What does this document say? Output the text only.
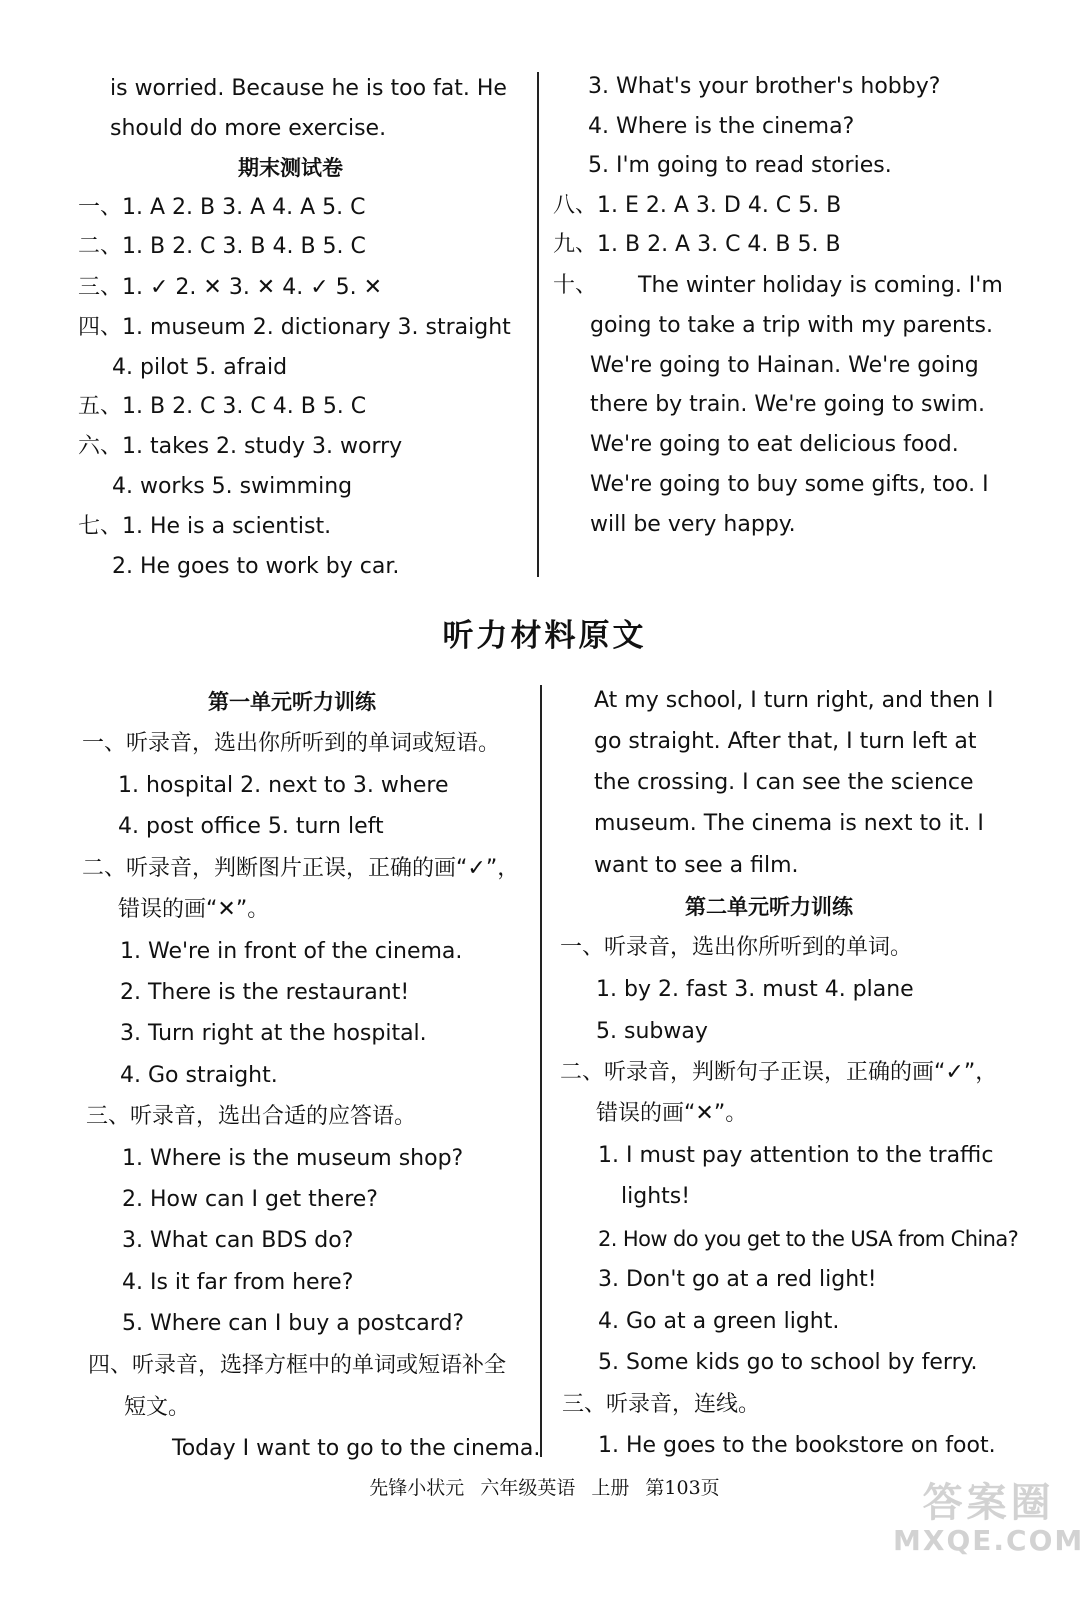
is worried. Because he is too fat. He
should do more exercise.
期末测试卷
一、1. A 2. B 3. A 4. A 5. C
二、1. B 2. C 3. B 4. B 5. C
三、1. ✓ 2. ✕ 3. ✕ 4. ✓ 5. ✕
四、1. museum 2. dictionary 3. straight
4. pilot 5. afraid
五、1. B 2. C 3. C 4. B 5. C
六、1. takes 2. study 3. worry
4. works 5. swimming
七、1. He is a scientist.
2. He goes to work by car.
3. What's your brother's hobby?
4. Where is the cinema?
5. I'm going to read stories.
八、1. E 2. A 3. D 4. C 5. B
九、1. B 2. A 3. C 4. B 5. B
十、 The winter holiday is coming. I'm
going to take a trip with my parents.
We're going to Hainan. We're going
there by train. We're going to swim.
We're going to eat delicious food.
We're going to buy some gifts, too. I
will be very happy.
听力材料原文
第一单元听力训练
一、听录音，选出你所听到的单词或短语。
1. hospital 2. next to 3. where
4. post office 5. turn left
二、听录音，判断图片正误，正确的画“✓”，
错误的画“✕”。
1. We're in front of the cinema.
2. There is the restaurant!
3. Turn right at the hospital.
4. Go straight.
三、听录音，选出合适的应答语。
1. Where is the museum shop?
2. How can I get there?
3. What can BDS do?
4. Is it far from here?
5. Where can I buy a postcard?
四、听录音，选择方框中的单词或短语补全
短文。
Today I want to go to the cinema.
At my school, I turn right, and then I
go straight. After that, I turn left at
the crossing. I can see the science
museum. The cinema is next to it. I
want to see a film.
第二单元听力训练
一、听录音，选出你所听到的单词。
1. by 2. fast 3. must 4. plane
5. subway
二、听录音，判断句子正误，正确的画“✓”，
错误的画“✕”。
1. I must pay attention to the traffic
lights!
2. How do you get to the USA from China?
3. Don't go at a red light!
4. Go at a green light.
5. Some kids go to school by ferry.
三、听录音，连线。
1. He goes to the bookstore on foot.
先锋小状元 六年级英语 上册 第103页	答案圈
MXQE.COM
